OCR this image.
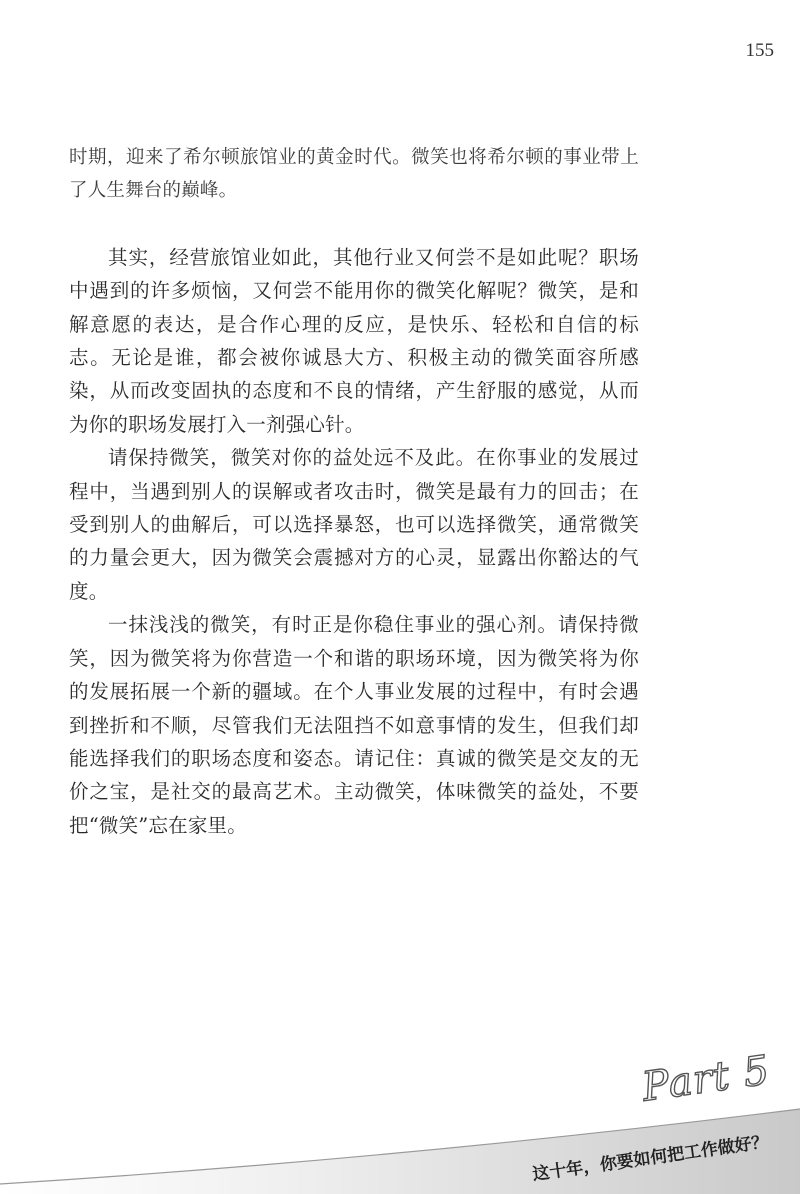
155

时期，迎来了希尔顿旅馆业的黄金时代。微笑也将希尔顿的事业带上了人生舞台的巅峰。

其实，经营旅馆业如此，其他行业又何尝不是如此呢？职场中遇到的许多烦恼，又何尝不能用你的微笑化解呢？微笑，是和解意愿的表达，是合作心理的反应，是快乐、轻松和自信的标志。无论是谁，都会被你诚恳大方、积极主动的微笑面容所感染，从而改变固执的态度和不良的情绪，产生舒服的感觉，从而为你的职场发展打入一剂强心针。

请保持微笑，微笑对你的益处远不及此。在你事业的发展过程中，当遇到别人的误解或者攻击时，微笑是最有力的回击；在受到别人的曲解后，可以选择暴怒，也可以选择微笑，通常微笑的力量会更大，因为微笑会震撼对方的心灵，显露出你豁达的气度。

一抹浅浅的微笑，有时正是你稳住事业的强心剂。请保持微笑，因为微笑将为你营造一个和谐的职场环境，因为微笑将为你的发展拓展一个新的疆域。在个人事业发展的过程中，有时会遇到挫折和不顺，尽管我们无法阻挡不如意事情的发生，但我们却能选择我们的职场态度和姿态。请记住：真诚的微笑是交友的无价之宝，是社交的最高艺术。主动微笑，体味微笑的益处，不要把“微笑”忘在家里。

Part 5
这十年，你要如何把工作做好？
